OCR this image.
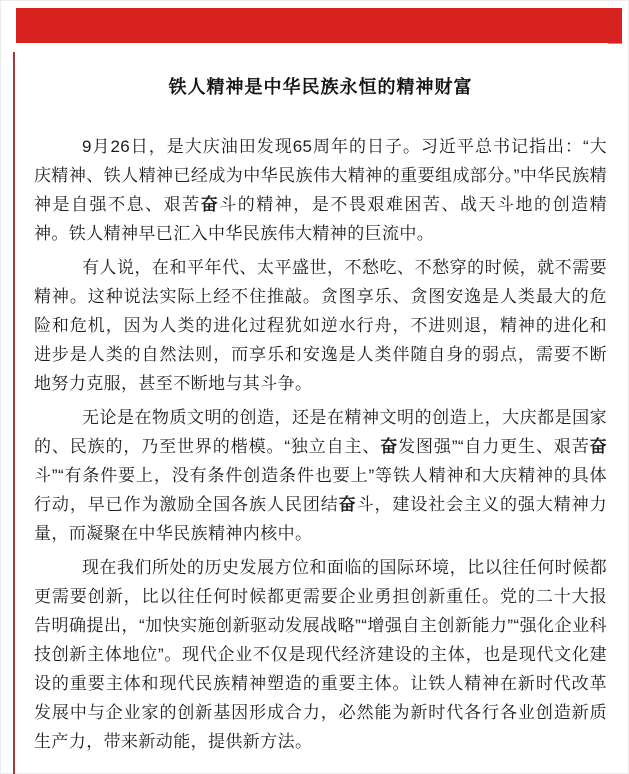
铁人精神是中华民族永恒的精神财富

9月26日，是大庆油田发现65周年的日子。习近平总书记指出：“大庆精神、铁人精神已经成为中华民族伟大精神的重要组成部分。”中华民族精神是自强不息、艰苦奋斗的精神，是不畏艰难困苦、战天斗地的创造精神。铁人精神早已汇入中华民族伟大精神的巨流中。

有人说，在和平年代、太平盛世，不愁吃、不愁穿的时候，就不需要精神。这种说法实际上经不住推敲。贪图享乐、贪图安逸是人类最大的危险和危机，因为人类的进化过程犹如逆水行舟，不进则退，精神的进化和进步是人类的自然法则，而享乐和安逸是人类伴随自身的弱点，需要不断地努力克服，甚至不断地与其斗争。

无论是在物质文明的创造，还是在精神文明的创造上，大庆都是国家的、民族的，乃至世界的楷模。“独立自主、奋发图强”“自力更生、艰苦奋斗”“有条件要上，没有条件创造条件也要上”等铁人精神和大庆精神的具体行动，早已作为激励全国各族人民团结奋斗，建设社会主义的强大精神力量，而凝聚在中华民族精神内核中。

现在我们所处的历史发展方位和面临的国际环境，比以往任何时候都更需要创新，比以往任何时候都更需要企业勇担创新重任。党的二十大报告明确提出，“加快实施创新驱动发展战略”“增强自主创新能力”“强化企业科技创新主体地位”。现代企业不仅是现代经济建设的主体，也是现代文化建设的重要主体和现代民族精神塑造的重要主体。让铁人精神在新时代改革发展中与企业家的创新基因形成合力，必然能为新时代各行各业创造新质生产力，带来新动能，提供新方法。
